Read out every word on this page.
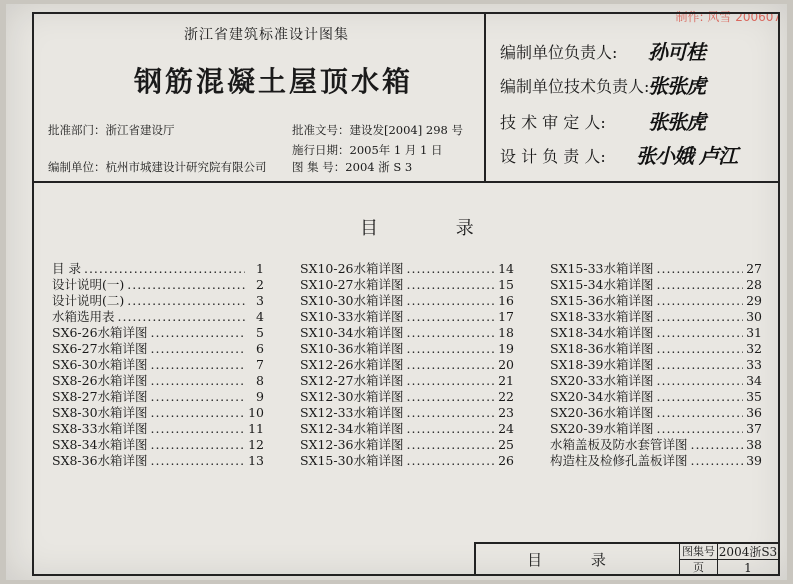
制作: 风雪 200607
浙江省建筑标准设计图集
钢筋混凝土屋顶水箱
批准部门：浙江省建设厅	批准文号：建设发[2004] 298 号
施行日期：2005年 1 月 1 日
编制单位：杭州市城建设计研究院有限公司 图 集 号：2004 浙 S 3
编制单位负责人:	孙可桂
编制单位技术负责人:
张张虎
技 术 审 定 人:	张张虎
设 计 负 责 人:	张小娥 卢江
目 录
目 录 .....	1
设计说明(一) .....	2
设计说明(二) .....	3
水箱选用表 .....	4
SX6-26水箱详图 .....	5
SX6-27水箱详图 .....	6
SX6-30水箱详图 .....	7
SX8-26水箱详图 .....	8
SX8-27水箱详图 .....	9
SX8-30水箱详图 .....	10
SX8-33水箱详图 .....	11
SX8-34水箱详图 .....	12
SX8-36水箱详图 .....	13
SX10-26水箱详图 .....	14
SX10-27水箱详图 .....	15
SX10-30水箱详图 .....	16
SX10-33水箱详图 .....	17
SX10-34水箱详图 .....	18
SX10-36水箱详图 .....	19
SX12-26水箱详图 .....	20
SX12-27水箱详图 .....	21
SX12-30水箱详图 .....	22
SX12-33水箱详图 .....	23
SX12-34水箱详图 .....	24
SX12-36水箱详图 .....	25
SX15-30水箱详图 .....	26
SX15-33水箱详图 .....	27
SX15-34水箱详图 .....	28
SX15-36水箱详图 .....	29
SX18-33水箱详图 .....	30
SX18-34水箱详图 .....	31
SX18-36水箱详图 .....	32
SX18-39水箱详图 .....	33
SX20-33水箱详图 .....	34
SX20-34水箱详图 .....	35
SX20-36水箱详图 .....	36
SX20-39水箱详图 .....	37
水箱盖板及防水套管详图 .....	38
构造柱及检修孔盖板详图 .....	39
目 录	图集号 2004浙S3
页	1
